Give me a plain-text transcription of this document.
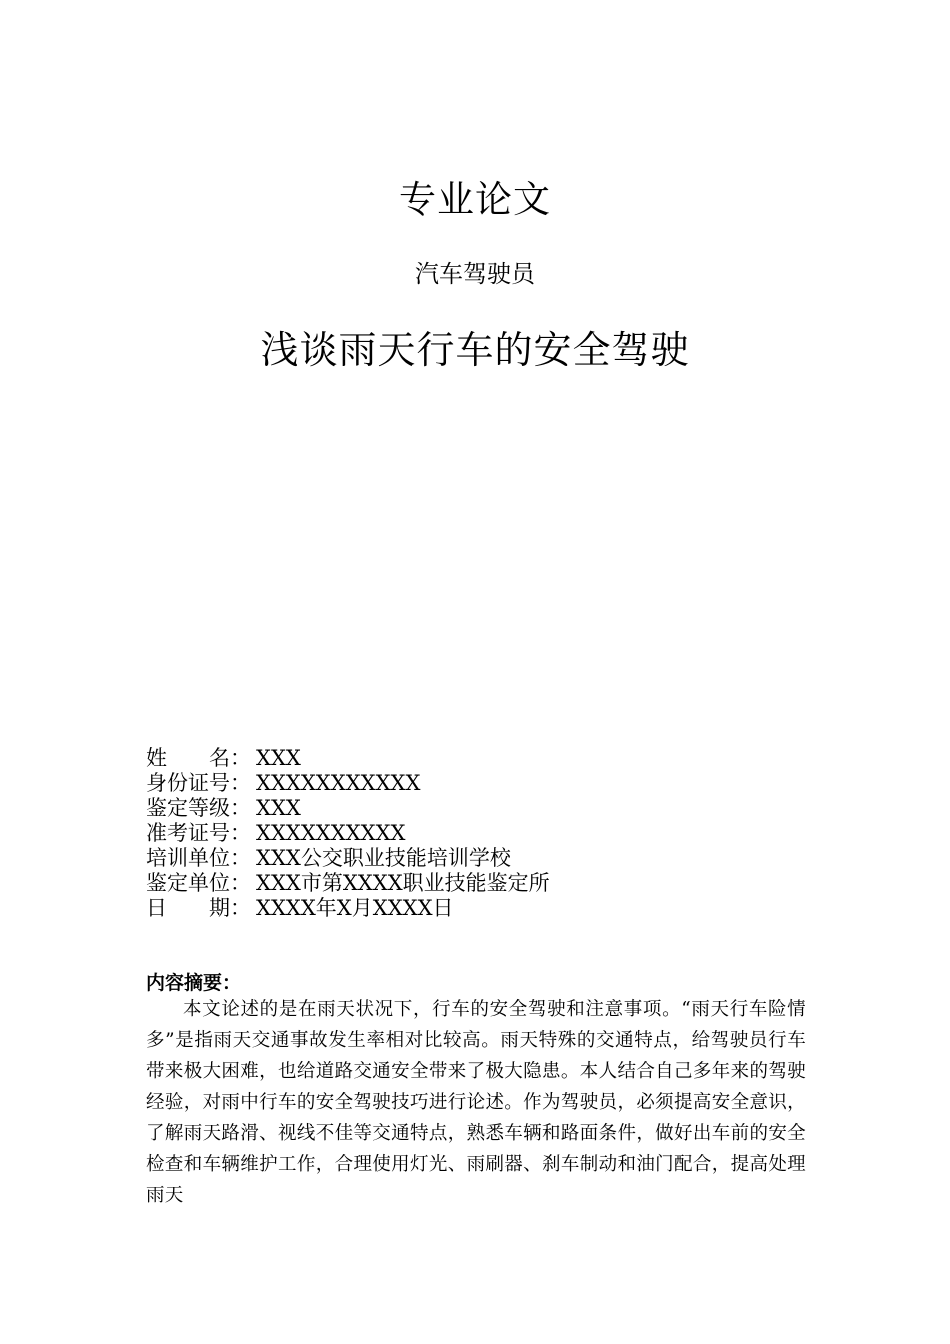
专业论文
汽车驾驶员
浅谈雨天行车的安全驾驶
姓　　名： XXX
身份证号： XXXXXXXXXXX
鉴定等级： XXX
准考证号： XXXXXXXXXX
培训单位： XXX公交职业技能培训学校
鉴定单位： XXX市第XXXX职业技能鉴定所
日　　期： XXXX年X月XXXX日
内容摘要：

本文论述的是在雨天状况下，行车的安全驾驶和注意事项。“雨天行车险情多”是指雨天交通事故发生率相对比较高。雨天特殊的交通特点，给驾驶员行车带来极大困难，也给道路交通安全带来了极大隐患。本人结合自己多年来的驾驶经验，对雨中行车的安全驾驶技巧进行论述。作为驾驶员，必须提高安全意识，了解雨天路滑、视线不佳等交通特点，熟悉车辆和路面条件，做好出车前的安全检查和车辆维护工作，合理使用灯光、雨刷器、刹车制动和油门配合，提高处理雨天
